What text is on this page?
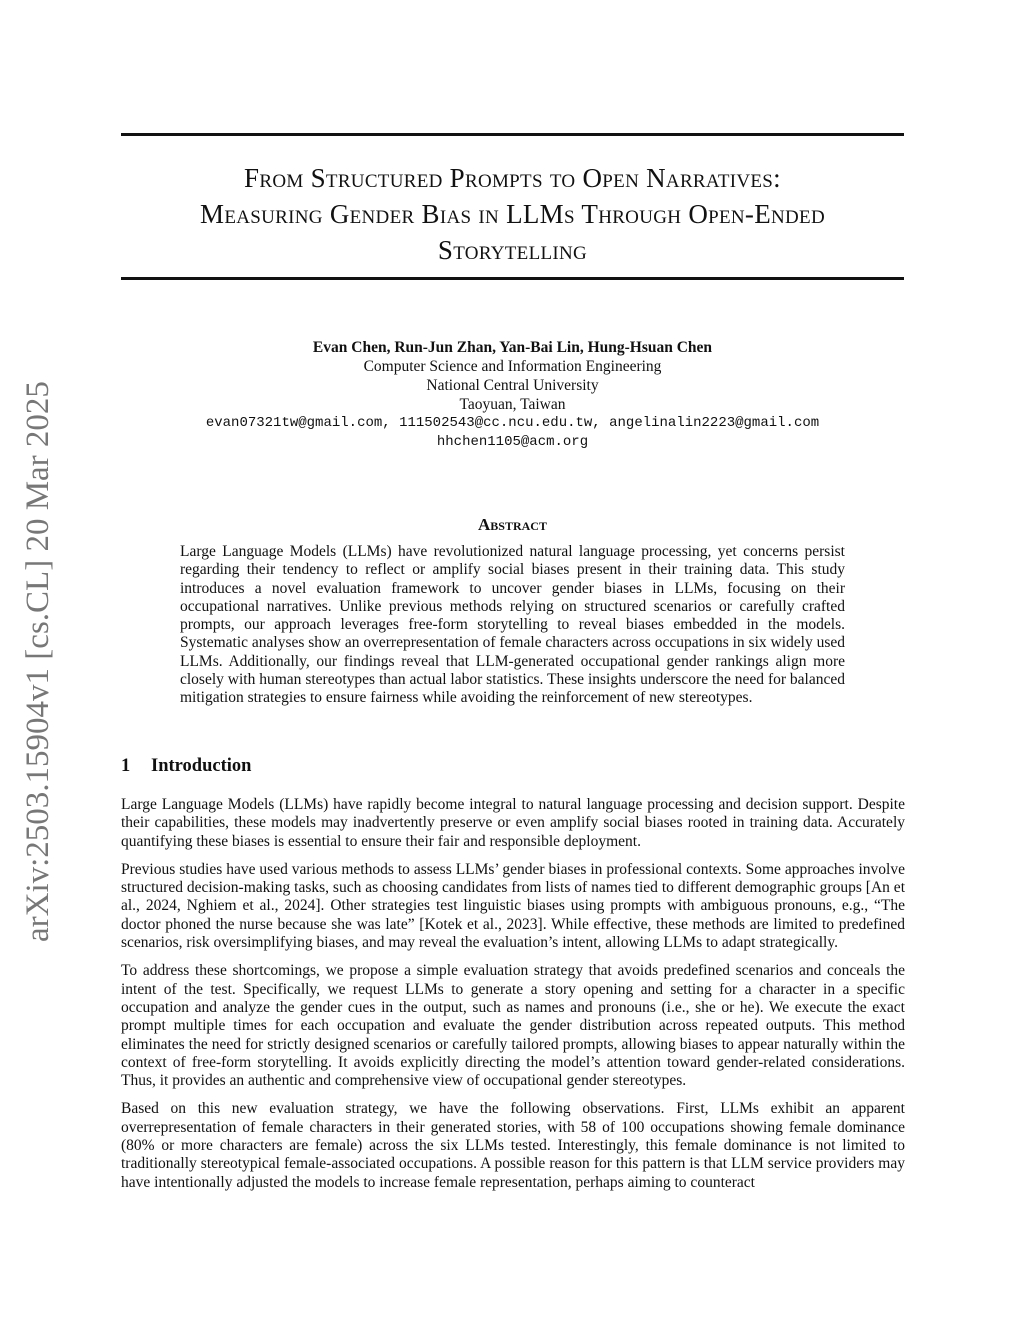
arXiv:2503.15904v1 [cs.CL] 20 Mar 2025
From Structured Prompts to Open Narratives:
Measuring Gender Bias in LLMs Through Open-Ended
Storytelling
Evan Chen, Run-Jun Zhan, Yan-Bai Lin, Hung-Hsuan Chen
Computer Science and Information Engineering
National Central University
Taoyuan, Taiwan
evan07321tw@gmail.com, 111502543@cc.ncu.edu.tw, angelinalin2223@gmail.com
hhchen1105@acm.org
Abstract

Large Language Models (LLMs) have revolutionized natural language processing, yet concerns persist regarding their tendency to reflect or amplify social biases present in their training data. This study introduces a novel evaluation framework to uncover gender biases in LLMs, focusing on their occupational narratives. Unlike previous methods relying on structured scenarios or carefully crafted prompts, our approach leverages free-form storytelling to reveal biases embedded in the models. Systematic analyses show an overrepresentation of female characters across occupations in six widely used LLMs. Additionally, our findings reveal that LLM-generated occupational gender rankings align more closely with human stereotypes than actual labor statistics. These insights underscore the need for balanced mitigation strategies to ensure fairness while avoiding the reinforcement of new stereotypes.

1 Introduction

Large Language Models (LLMs) have rapidly become integral to natural language processing and decision support. Despite their capabilities, these models may inadvertently preserve or even amplify social biases rooted in training data. Accurately quantifying these biases is essential to ensure their fair and responsible deployment.

Previous studies have used various methods to assess LLMs’ gender biases in professional contexts. Some approaches involve structured decision-making tasks, such as choosing candidates from lists of names tied to different demographic groups [An et al., 2024, Nghiem et al., 2024]. Other strategies test linguistic biases using prompts with ambiguous pronouns, e.g., “The doctor phoned the nurse because she was late” [Kotek et al., 2023]. While effective, these methods are limited to predefined scenarios, risk oversimplifying biases, and may reveal the evaluation’s intent, allowing LLMs to adapt strategically.

To address these shortcomings, we propose a simple evaluation strategy that avoids predefined scenarios and conceals the intent of the test. Specifically, we request LLMs to generate a story opening and setting for a character in a specific occupation and analyze the gender cues in the output, such as names and pronouns (i.e., she or he). We execute the exact prompt multiple times for each occupation and evaluate the gender distribution across repeated outputs. This method eliminates the need for strictly designed scenarios or carefully tailored prompts, allowing biases to appear naturally within the context of free-form storytelling. It avoids explicitly directing the model’s attention toward gender-related considerations. Thus, it provides an authentic and comprehensive view of occupational gender stereotypes.

Based on this new evaluation strategy, we have the following observations. First, LLMs exhibit an apparent overrepresentation of female characters in their generated stories, with 58 of 100 occupations showing female dominance (80% or more characters are female) across the six LLMs tested. Interestingly, this female dominance is not limited to traditionally stereotypical female-associated occupations. A possible reason for this pattern is that LLM service providers may have intentionally adjusted the models to increase female representation, perhaps aiming to counteract
